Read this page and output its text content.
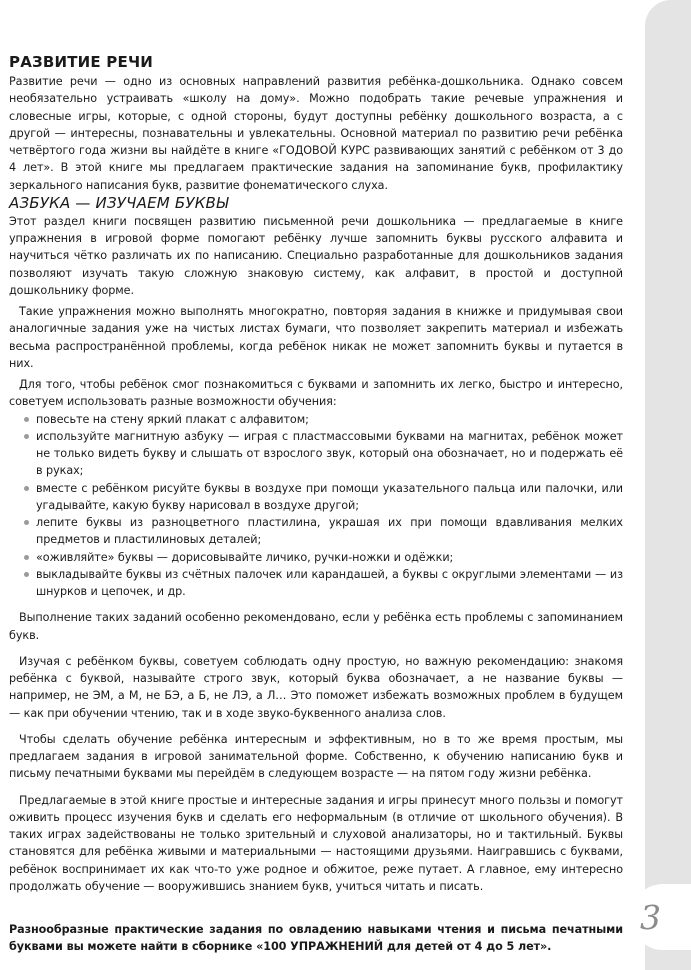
3
РАЗВИТИЕ РЕЧИ

Развитие речи — одно из основных направлений развития ребёнка-дошкольника. Однако совсем необязательно устраивать «школу на дому». Можно подобрать такие речевые упражнения и словесные игры, которые, с одной стороны, будут доступны ребёнку дошкольного возраста, а с другой — интересны, познавательны и увлекательны. Основной материал по развитию речи ребёнка четвёртого года жизни вы найдёте в книге «ГОДОВОЙ КУРС развивающих занятий с ребёнком от 3 до 4 лет». В этой книге мы предлагаем практические задания на запоминание букв, профилактику зеркального написания букв, развитие фонематического слуха.

АЗБУКА — ИЗУЧАЕМ БУКВЫ

Этот раздел книги посвящен развитию письменной речи дошкольника — предлагаемые в книге упражнения в игровой форме помогают ребёнку лучше запомнить буквы русского алфавита и научиться чётко различать их по написанию. Специально разработанные для дошкольников задания позволяют изучать такую сложную знаковую систему, как алфавит, в простой и доступной дошкольнику форме.

Такие упражнения можно выполнять многократно, повторяя задания в книжке и придумывая свои аналогичные задания уже на чистых листах бумаги, что позволяет закрепить материал и избежать весьма распространённой проблемы, когда ребёнок никак не может запомнить буквы и путается в них.

Для того, чтобы ребёнок смог познакомиться с буквами и запомнить их легко, быстро и интересно, советуем использовать разные возможности обучения:

повесьте на стену яркий плакат с алфавитом;
используйте магнитную азбуку — играя с пластмассовыми буквами на магнитах, ребёнок может не только видеть букву и слышать от взрослого звук, который она обозначает, но и подержать её в руках;
вместе с ребёнком рисуйте буквы в воздухе при помощи указательного пальца или палочки, или угадывайте, какую букву нарисовал в воздухе другой;
лепите буквы из разноцветного пластилина, украшая их при помощи вдавливания мелких предметов и пластилиновых деталей;
«оживляйте» буквы — дорисовывайте личико, ручки-ножки и одёжки;
выкладывайте буквы из счётных палочек или карандашей, а буквы с округлыми элементами — из шнурков и цепочек, и др.

Выполнение таких заданий особенно рекомендовано, если у ребёнка есть проблемы с запоминанием букв.

Изучая с ребёнком буквы, советуем соблюдать одну простую, но важную рекомендацию: знакомя ребёнка с буквой, называйте строго звук, который буква обозначает, а не название буквы — например, не ЭМ, а М, не БЭ, а Б, не ЛЭ, а Л… Это поможет избежать возможных проблем в будущем — как при обучении чтению, так и в ходе звуко-буквенного анализа слов.

Чтобы сделать обучение ребёнка интересным и эффективным, но в то же время простым, мы предлагаем задания в игровой занимательной форме. Собственно, к обучению написанию букв и письму печатными буквами мы перейдём в следующем возрасте — на пятом году жизни ребёнка.

Предлагаемые в этой книге простые и интересные задания и игры принесут много пользы и помогут оживить процесс изучения букв и сделать его неформальным (в отличие от школьного обучения). В таких играх задействованы не только зрительный и слуховой анализаторы, но и тактильный. Буквы становятся для ребёнка живыми и материальными — настоящими друзьями. Наигравшись с буквами, ребёнок воспринимает их как что-то уже родное и обжитое, реже путает. А главное, ему интересно продолжать обучение — вооружившись знанием букв, учиться читать и писать.

Разнообразные практические задания по овладению навыками чтения и письма печатными буквами вы можете найти в сборнике «100 УПРАЖНЕНИЙ для детей от 4 до 5 лет».
